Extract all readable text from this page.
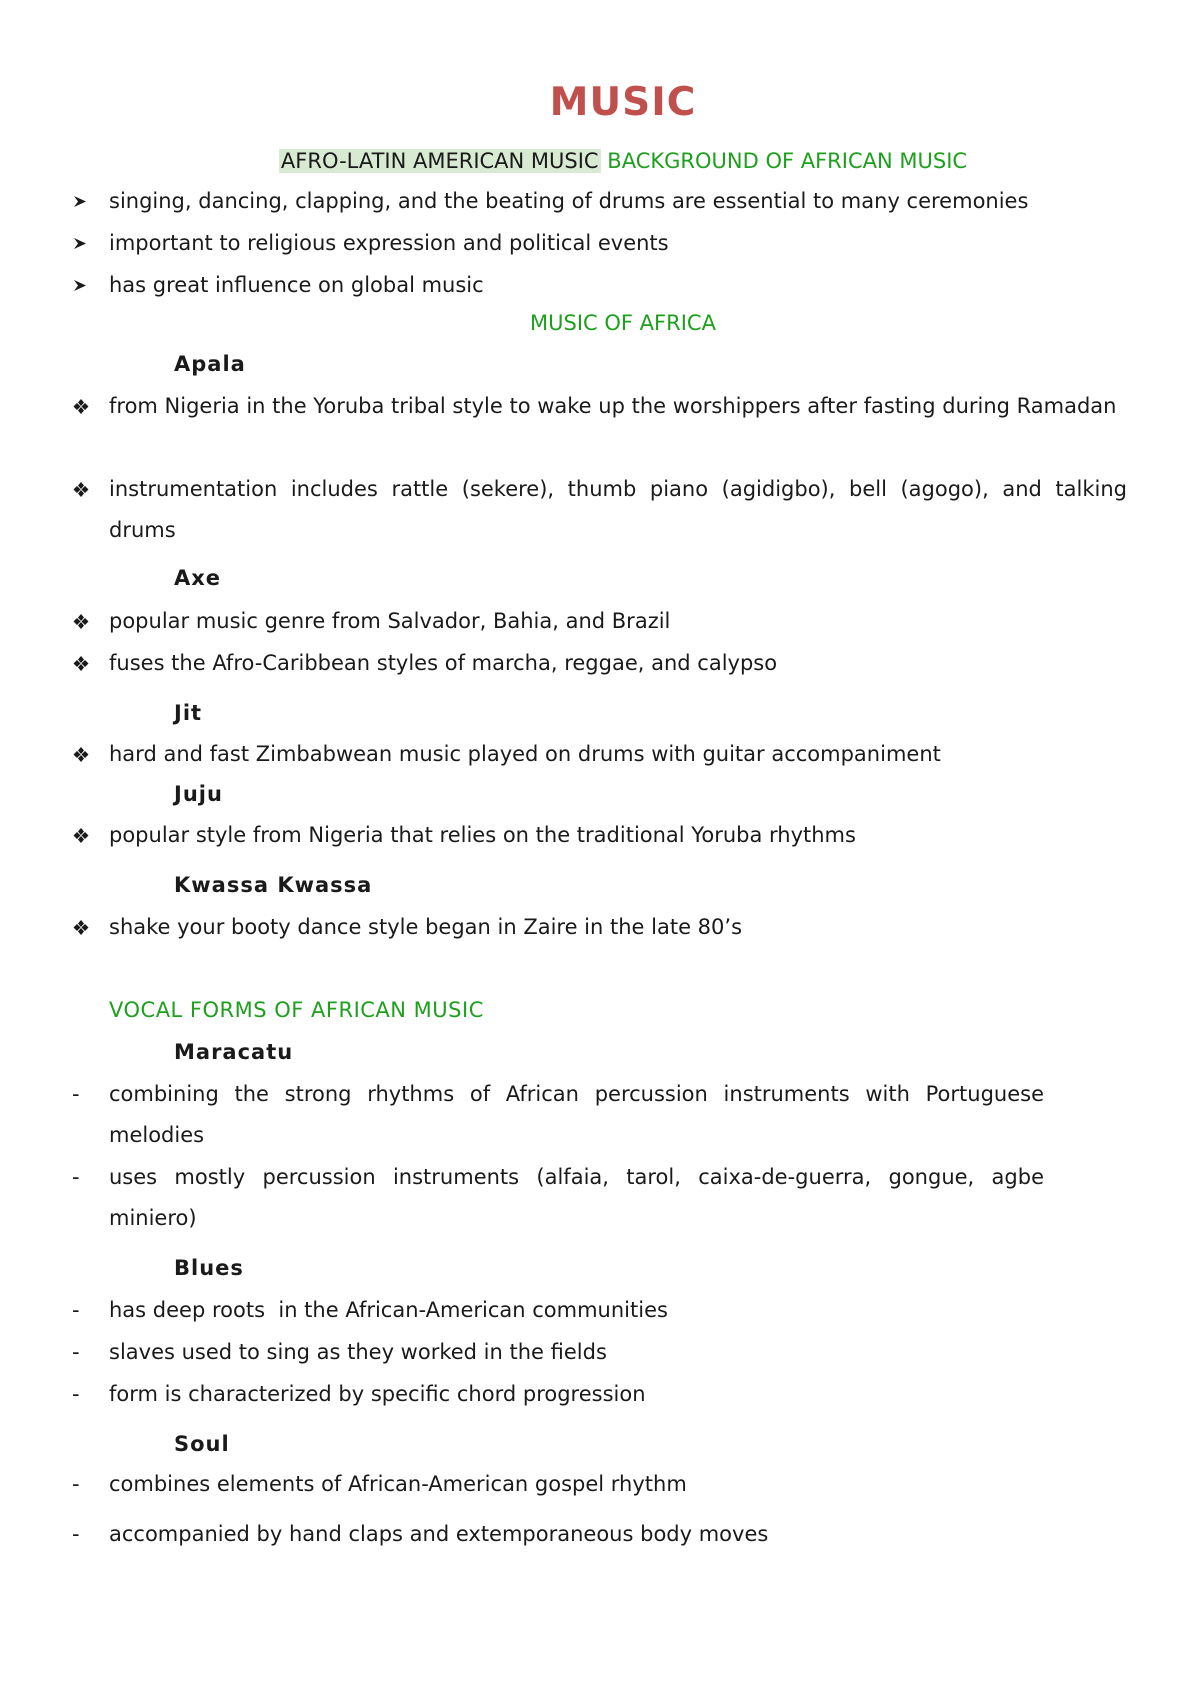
MUSIC
AFRO-LATIN AMERICAN MUSIC BACKGROUND OF AFRICAN MUSIC
singing, dancing, clapping, and the beating of drums are essential to many ceremonies
important to religious expression and political events
has great influence on global music
MUSIC OF AFRICA
Apala
from Nigeria in the Yoruba tribal style to wake up the worshippers after fasting during Ramadan
instrumentation includes rattle (sekere), thumb piano (agidigbo), bell (agogo), and talking drums
Axe
popular music genre from Salvador, Bahia, and Brazil
fuses the Afro-Caribbean styles of marcha, reggae, and calypso
Jit
hard and fast Zimbabwean music played on drums with guitar accompaniment
Juju
popular style from Nigeria that relies on the traditional Yoruba rhythms
Kwassa Kwassa
shake your booty dance style began in Zaire in the late 80’s
VOCAL FORMS OF AFRICAN MUSIC
Maracatu
-	combining the strong rhythms of African percussion instruments with Portuguese melodies
-	uses mostly percussion instruments (alfaia, tarol, caixa-de-guerra, gongue, agbe miniero)
Blues
-	has deep roots  in the African-American communities
-	slaves used to sing as they worked in the fields
-	form is characterized by specific chord progression
Soul
-	combines elements of African-American gospel rhythm
-	accompanied by hand claps and extemporaneous body moves
